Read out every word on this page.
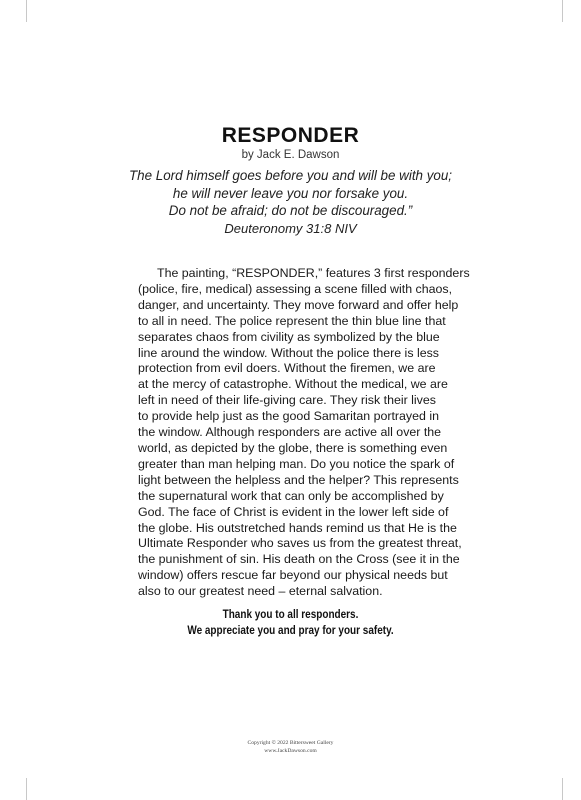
RESPONDER
by Jack E. Dawson
The Lord himself goes before you and will be with you;
he will never leave you nor forsake you.
Do not be afraid; do not be discouraged.”
Deuteronomy 31:8 NIV
The painting, “RESPONDER,” features 3 first responders
(police, fire, medical) assessing a scene filled with chaos,
danger, and uncertainty. They move forward and offer help
to all in need. The police represent the thin blue line that
separates chaos from civility as symbolized by the blue
line around the window. Without the police there is less
protection from evil doers. Without the firemen, we are
at the mercy of catastrophe. Without the medical, we are
left in need of their life-giving care. They risk their lives
to provide help just as the good Samaritan portrayed in
the window. Although responders are active all over the
world, as depicted by the globe, there is something even
greater than man helping man. Do you notice the spark of
light between the helpless and the helper? This represents
the supernatural work that can only be accomplished by
God. The face of Christ is evident in the lower left side of
the globe. His outstretched hands remind us that He is the
Ultimate Responder who saves us from the greatest threat,
the punishment of sin. His death on the Cross (see it in the
window) offers rescue far beyond our physical needs but
also to our greatest need – eternal salvation.
Thank you to all responders.
We appreciate you and pray for your safety.
Copyright © 2022 Bittersweet Gallery
www.JackDawson.com
